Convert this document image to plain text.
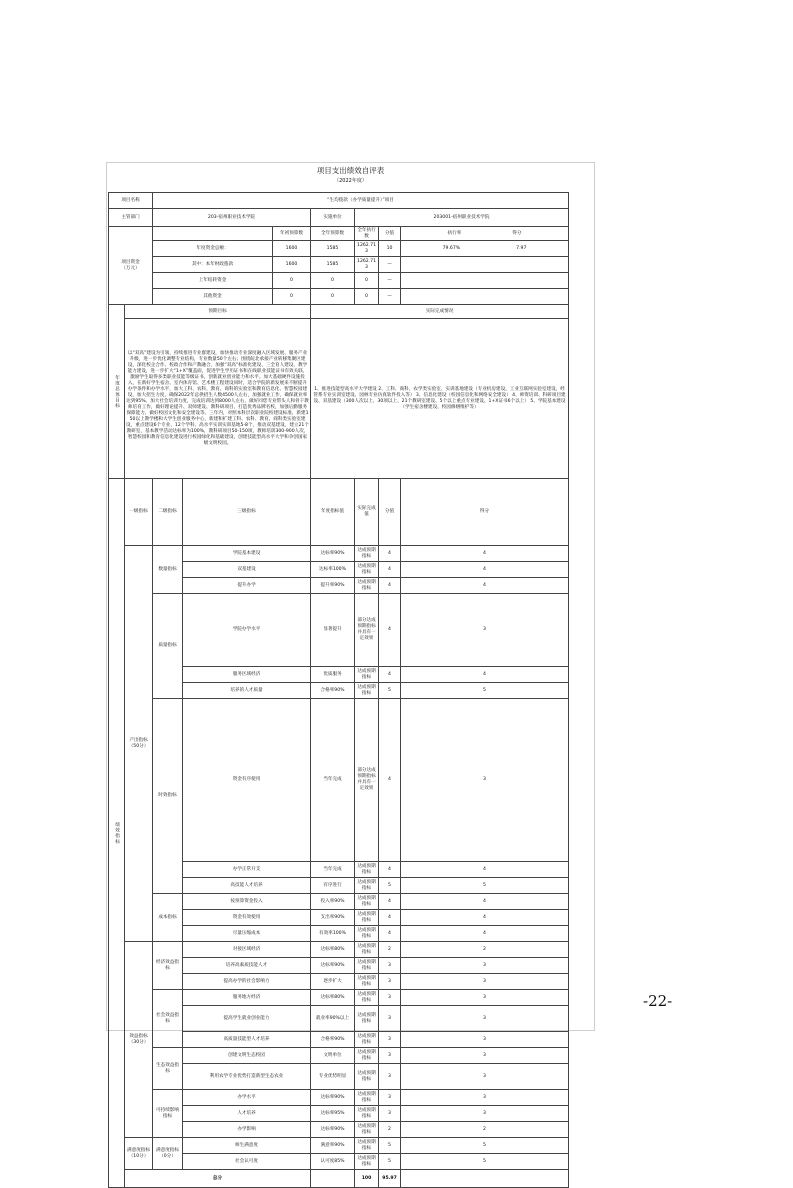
项目支出绩效自评表
（2022年度）
项目名称		“生均拨款（办学质量提升）”项目							
主管部门		203-宿州职业技术学院			实施单位	203001-宿州职业技术学院			
项目资金
（万元）				年初预算数	全年预算数	全年执行数	分值	执行率 得分	
		年度资金总额：		1600	1585	1262.713	10	79.67% 7.97	
		其中：本年财政拨款		1600	1585	1262.713	—		
		上年结转资金		0	0	0	—		
		其他资金		0	0	0	—		
年度总体目标	预期目标				实际完成情况				
	以“双高”建设为引领，持续推进专业群建设，加快推动专业深度融入区域发展、服务产业升级，进一步优化调整专业结构，专业数量50个左右；围绕皖北承接产业转移集聚区建设，深化校企合作、校政合作和产教融合，加强“双高”标准化建设、三全育人建设、教学能力建设，进一步扩大“1+X”覆盖面，促进学生学历证书和在线职业技能证书有效关联，激励学生取得多类职业技能等级证书，创新就业创业能力和水平。加大基础硬件设施投入，在新好学生宿舍、室内体育馆、艺术楼工程建设同时，适合学院的新发展来不断提升办学条件和办学水平，加大工科、农科、教育、商科的实验室和教育信息化、智慧校园建设，加大招生力度，确保2022年总供招生人数4500人左右，加强就业工作，确保就业率达到95%。加大社会培训力度，完成培训达到8000人左右，做好同您专业带头人和骨干教师培育工作，做好理论提升、双师建设、教科研项目，打造优秀品牌名校，加强后勤服务保障能力，做好校园文化和安全建设等。三年内，对照本科层次职业院校建设标准，新建150以上教学楼和大学生创业服务中心，新建和扩建工科、农科、教育、商科类实验室建设，重点建设6个专业、12个学科，高水平实训实训基地5-8个，推动双基建设，建立21个教研室，基本教学活动达标率为100%，教科研项目50-150项，教师培训300-900人次，智慧校园和教育信息化建设进行校园绿化和基础建设，创建技能型高水平大学和争创国家级文明校园。				1、推进技能型高水平大学建设 2、工科、商科、农学类实验室、实训基地建设（专业机房建设、工业互联网实验室建设、经管系专业实训室建设、园林专业仿真软件投入等） 3、信息化建设（校园信息化和网络安全建设） 4、师资培训、科研项目建设、双基建设（300人次以上、30项以上、21个教研室建设、5个以上重点专业建设、1+X证书6个以上） 5、学院基本建设（学生宿舍楼建设、校园修缮维护等）				
绩效指标	一级指标	二级指标	三级指标		年度指标值	实际完成值	分值	得分	
	产出指标
（50分）	数量指标	学院基本建设		达标率90%	达成预期指标	4	4	
			双基建设		达标率100%	达成预期指标	4	4	
			提升办学		提升率90%	达成预期指标	4	4	
		质量指标	学院办学水平		显著提升	部分达成预期指标并具有一定效果	4	3	
			服务区域经济		优质服务	达成预期指标	4	4	
			培养的人才质量		合格率90%	达成预期指标	5	5	
		时效指标	资金有序使用		当年完成	部分达成预期指标并具有一定效果	4	3	
			办学正常开支		当年完成	达成预期指标	4	4	
			高技能人才培养		有序进行	达成预期指标	5	5	
		成本指标	按预算资金投入		投入率90%	达成预期指标	4	4	
			资金有效使用		支出率90%	达成预期指标	4	4	
			尽量压缩成本		有效率100%	达成预期指标	4	4	
	效益指标
（30分）	经济效益指标	对接区域经济		达标率80%	达成预期指标	2	2	
			培养高素质技能人才		达标率90%	达成预期指标	3	3	
			提高办学的社会影响力		逐步扩大	达成预期指标	3	3	
		社会效益指标	服务地方经济		达标率80%	达成预期指标	3	3	
			提高学生就业创业能力		就业率90%以上	达成预期指标	3	3	
			高质量技能型人才培养		合格率90%	达成预期指标	3	3	
		生态效益指标	创建文明生态校园		文明单位	达成预期指标	3	3	
			利用农学专业优势打造新型生态农业		专业优势明显	达成预期指标	3	3	
		可持续影响指标	办学水平		达标率90%	达成预期指标	3	3	
			人才培养		达标率95%	达成预期指标	3	3	
			办学影响		达标率90%	达成预期指标	2	2	
	满意度指标（10分）	满意度指标（0分）	师生满意度		满意率90%	达成预期指标	5	5	
			社会认可度		认可度85%	达成预期指标	5	5	
	总分					100	95.97		
-22-
